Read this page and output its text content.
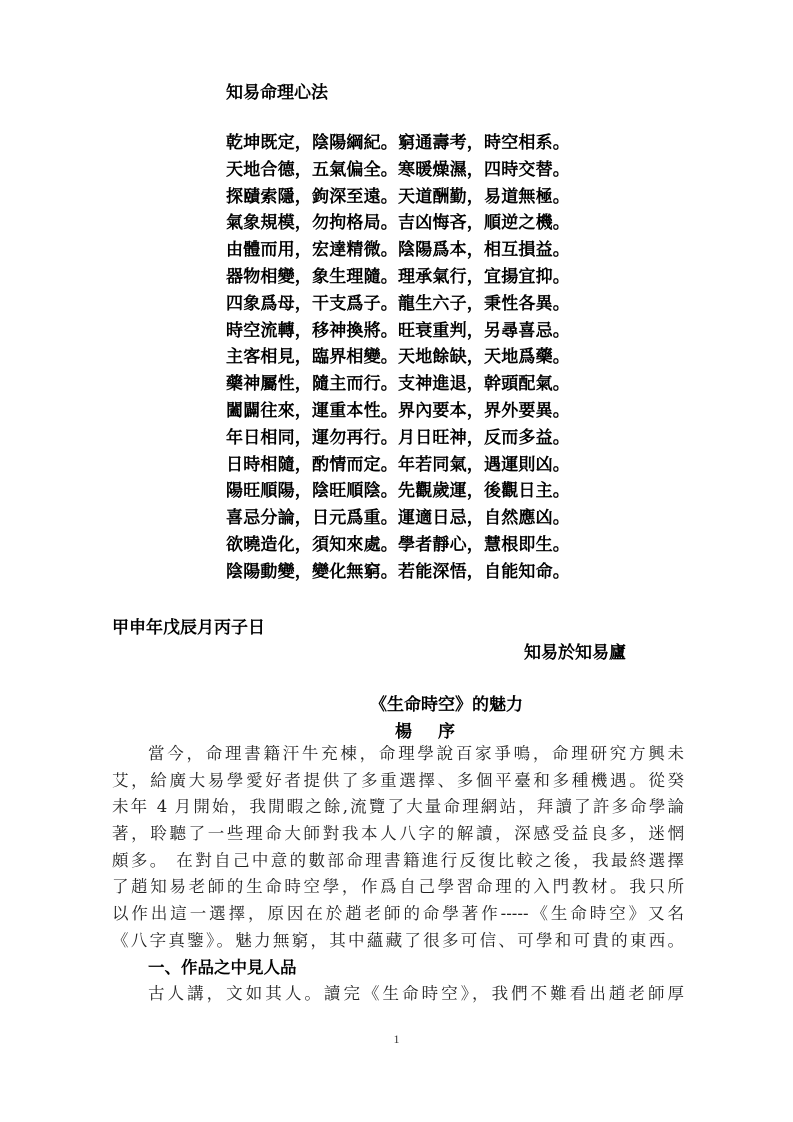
知易命理心法
乾坤既定，陰陽綱紀。窮通壽考，時空相系。
天地合德，五氣偏全。寒暖燥濕，四時交替。
探賾索隱，鉤深至遠。天道酬勤，易道無極。
氣象規模，勿拘格局。吉凶悔吝，順逆之機。
由體而用，宏達精微。陰陽爲本，相互損益。
器物相變，象生理隨。理承氣行，宜揚宜抑。
四象爲母，干支爲子。龍生六子，秉性各異。
時空流轉，移神換將。旺衰重判，另尋喜忌。
主客相見，臨界相變。天地餘缺，天地爲藥。
藥神屬性，隨主而行。支神進退，幹頭配氣。
闔闢往來，運重本性。界內要本，界外要異。
年日相同，運勿再行。月日旺神，反而多益。
日時相隨，酌情而定。年若同氣，遇運則凶。
陽旺順陽，陰旺順陰。先觀歲運，後觀日主。
喜忌分論，日元爲重。運適日忌，自然應凶。
欲曉造化，須知來處。學者靜心，慧根即生。
陰陽動變，變化無窮。若能深悟，自能知命。
甲申年戊辰月丙子日
知易於知易廬
《生命時空》的魅力
楊 序
當今，命理書籍汗牛充棟，命理學說百家爭鳴，命理研究方興未
艾，給廣大易學愛好者提供了多重選擇、多個平臺和多種機遇。從癸
未年 4 月開始，我閒暇之餘,流覽了大量命理網站，拜讀了許多命學論
著，聆聽了一些理命大師對我本人八字的解讀，深感受益良多，迷惘
頗多。 在對自己中意的數部命理書籍進行反復比較之後，我最終選擇
了趙知易老師的生命時空學，作爲自己學習命理的入門教材。我只所
以作出這一選擇，原因在於趙老師的命學著作-----《生命時空》又名
《八字真鑒》。魅力無窮，其中蘊藏了很多可信、可學和可貴的東西。
一、作品之中見人品
古人講，文如其人。讀完《生命時空》，我們不難看出趙老師厚
1
